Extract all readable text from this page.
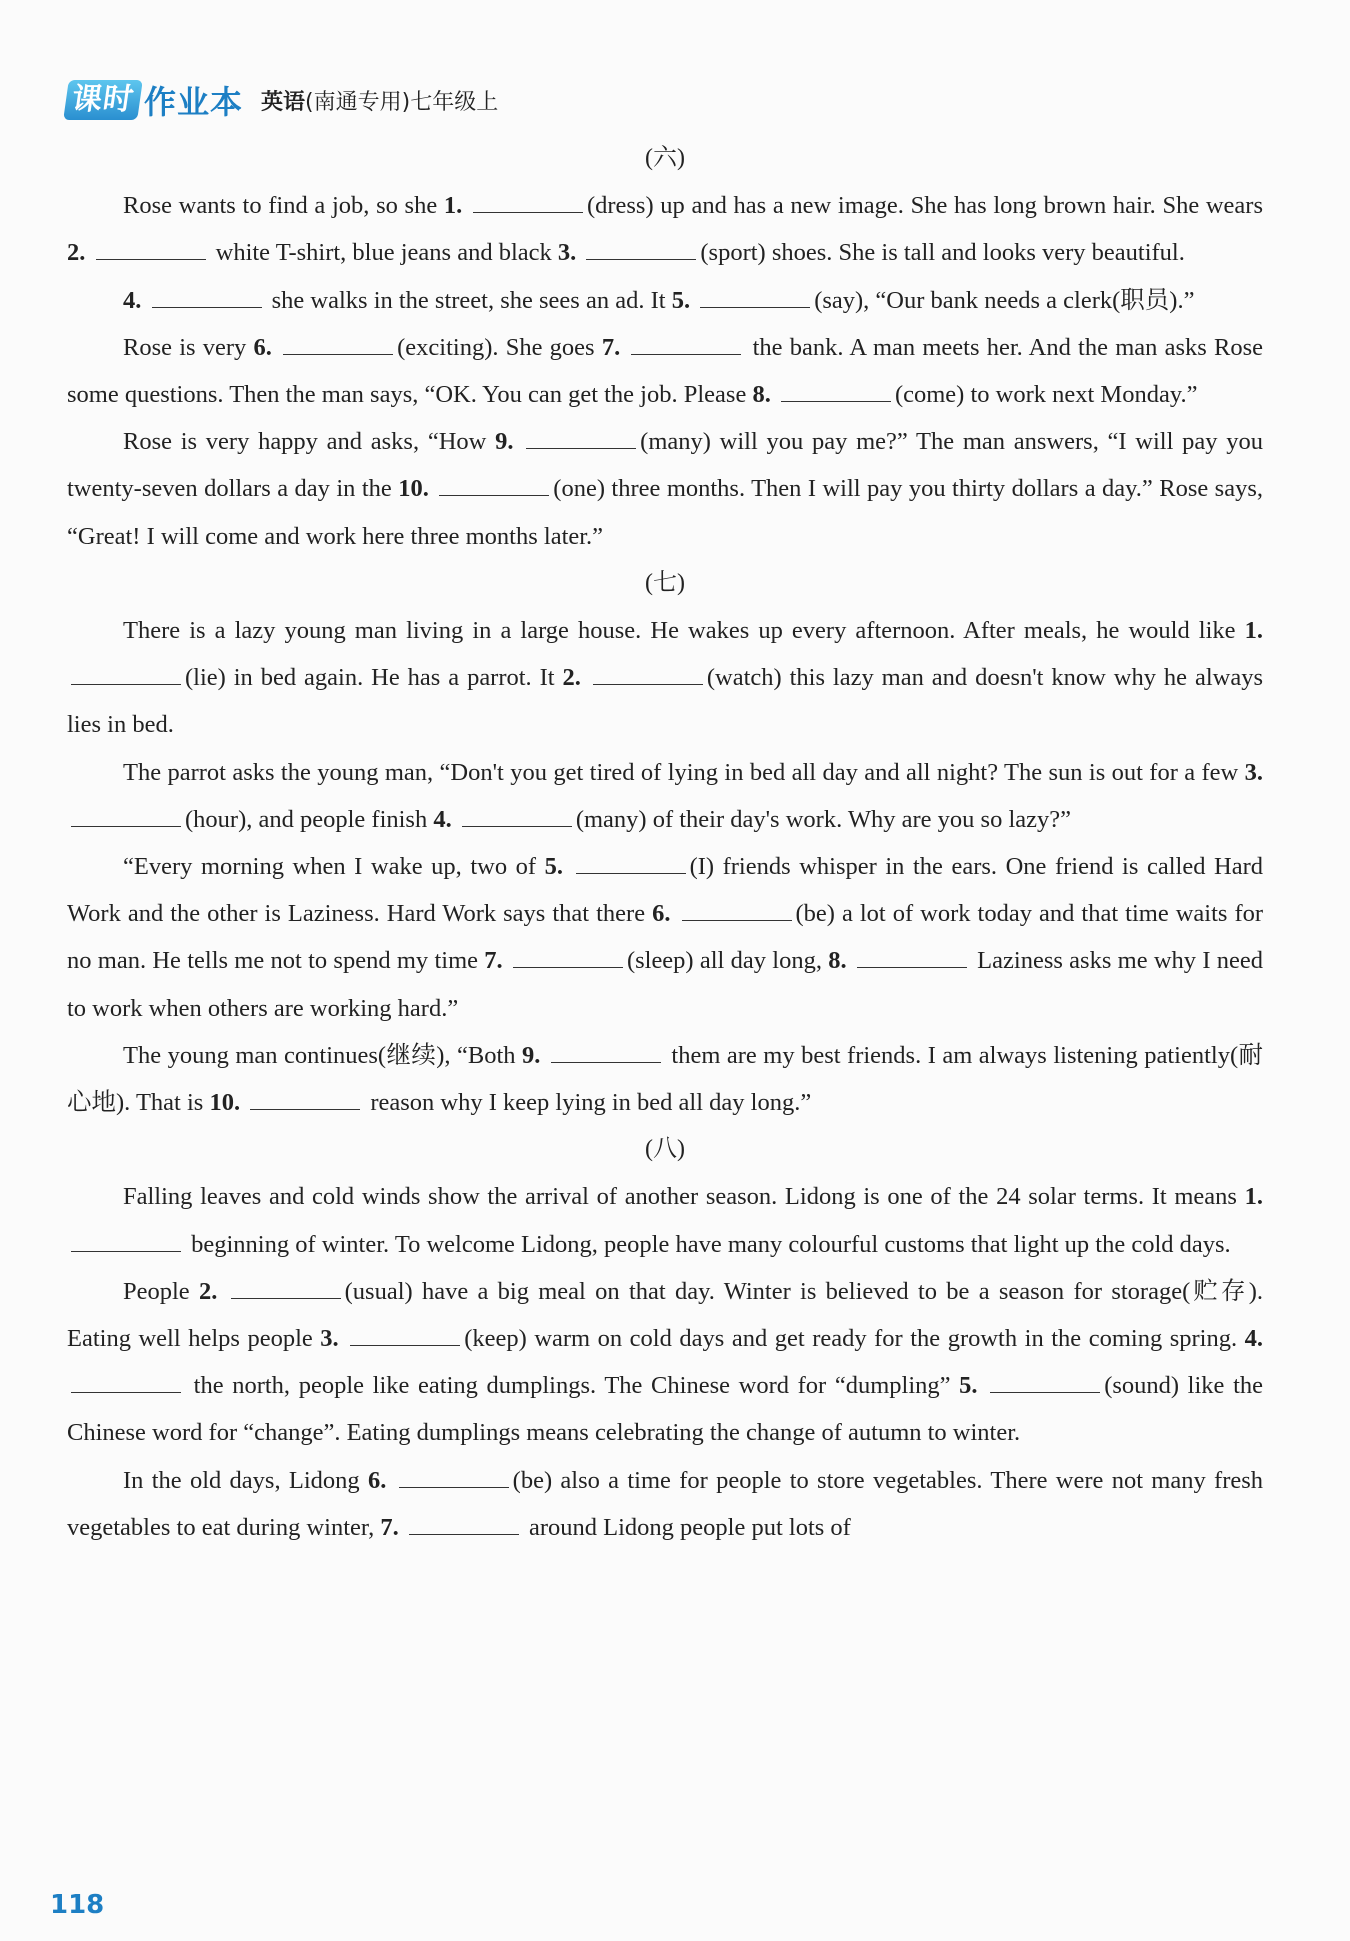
课时 作业本 英语(南通专用)七年级上

(六)

Rose wants to find a job, so she 1.	(dress) up and has a new image. She has long brown hair. She wears 2.	white T-shirt, blue jeans and black 3.	(sport) shoes. She is tall and looks very beautiful.

4.	she walks in the street, she sees an ad. It 5.	(say), “Our bank needs a clerk(职员).”

Rose is very 6.	(exciting). She goes 7.	the bank. A man meets her. And the man asks Rose some questions. Then the man says, “OK. You can get the job. Please 8.	(come) to work next Monday.”

Rose is very happy and asks, “How 9.	(many) will you pay me?” The man answers, “I will pay you twenty-seven dollars a day in the 10.	(one) three months. Then I will pay you thirty dollars a day.” Rose says, “Great! I will come and work here three months later.”

(七)

There is a lazy young man living in a large house. He wakes up every afternoon. After meals, he would like 1. (lie) in bed again. He has a parrot. It 2.	(watch) this lazy man and doesn't know why he always lies in bed.

The parrot asks the young man, “Don't you get tired of lying in bed all day and all night? The sun is out for a few 3. (hour), and people finish 4.	(many) of their day's work. Why are you so lazy?”

“Every morning when I wake up, two of 5.	(I) friends whisper in the ears. One friend is called Hard Work and the other is Laziness. Hard Work says that there 6.	(be) a lot of work today and that time waits for no man. He tells me not to spend my time 7.	(sleep) all day long, 8.	Laziness asks me why I need to work when others are working hard.”

The young man continues(继续), “Both 9.	them are my best friends. I am always listening patiently(耐心地). That is 10.	reason why I keep lying in bed all day long.”

(八)

Falling leaves and cold winds show the arrival of another season. Lidong is one of the 24 solar terms. It means 1.  beginning of winter. To welcome Lidong, people have many colourful customs that light up the cold days.

People 2.	(usual) have a big meal on that day. Winter is believed to be a season for storage(贮存). Eating well helps people 3.	(keep) warm on cold days and get ready for the growth in the coming spring. 4.  the north, people like eating dumplings. The Chinese word for “dumpling” 5.	(sound) like the Chinese word for “change”. Eating dumplings means celebrating the change of autumn to winter.

In the old days, Lidong 6.	(be) also a time for people to store vegetables. There were not many fresh vegetables to eat during winter, 7.	around Lidong people put lots of

118
